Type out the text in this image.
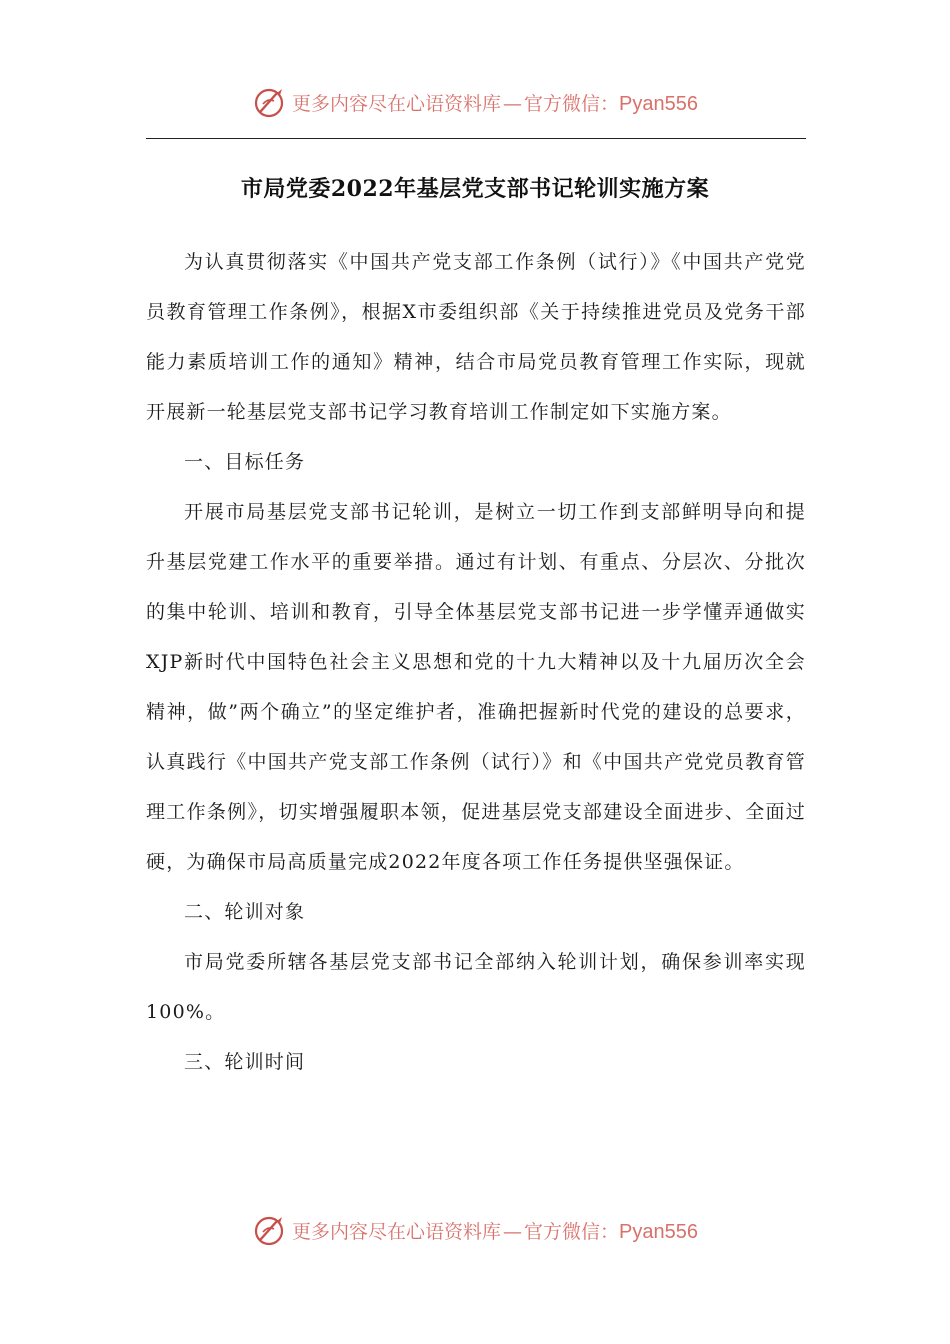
更多内容尽在心语资料库 — 官方微信：Pyan556
市局党委2022年基层党支部书记轮训实施方案

为认真贯彻落实《中国共产党支部工作条例（试行）》《中国共产党党员教育管理工作条例》，根据X市委组织部《关于持续推进党员及党务干部能力素质培训工作的通知》精神，结合市局党员教育管理工作实际，现就开展新一轮基层党支部书记学习教育培训工作制定如下实施方案。

一、目标任务

开展市局基层党支部书记轮训，是树立一切工作到支部鲜明导向和提升基层党建工作水平的重要举措。通过有计划、有重点、分层次、分批次的集中轮训、培训和教育，引导全体基层党支部书记进一步学懂弄通做实XJP新时代中国特色社会主义思想和党的十九大精神以及十九届历次全会精神，做”两个确立”的坚定维护者，准确把握新时代党的建设的总要求，认真践行《中国共产党支部工作条例（试行）》和《中国共产党党员教育管理工作条例》，切实增强履职本领，促进基层党支部建设全面进步、全面过硬，为确保市局高质量完成2022年度各项工作任务提供坚强保证。

二、轮训对象

市局党委所辖各基层党支部书记全部纳入轮训计划，确保参训率实现100%。

三、轮训时间

更多内容尽在心语资料库 — 官方微信：Pyan556
